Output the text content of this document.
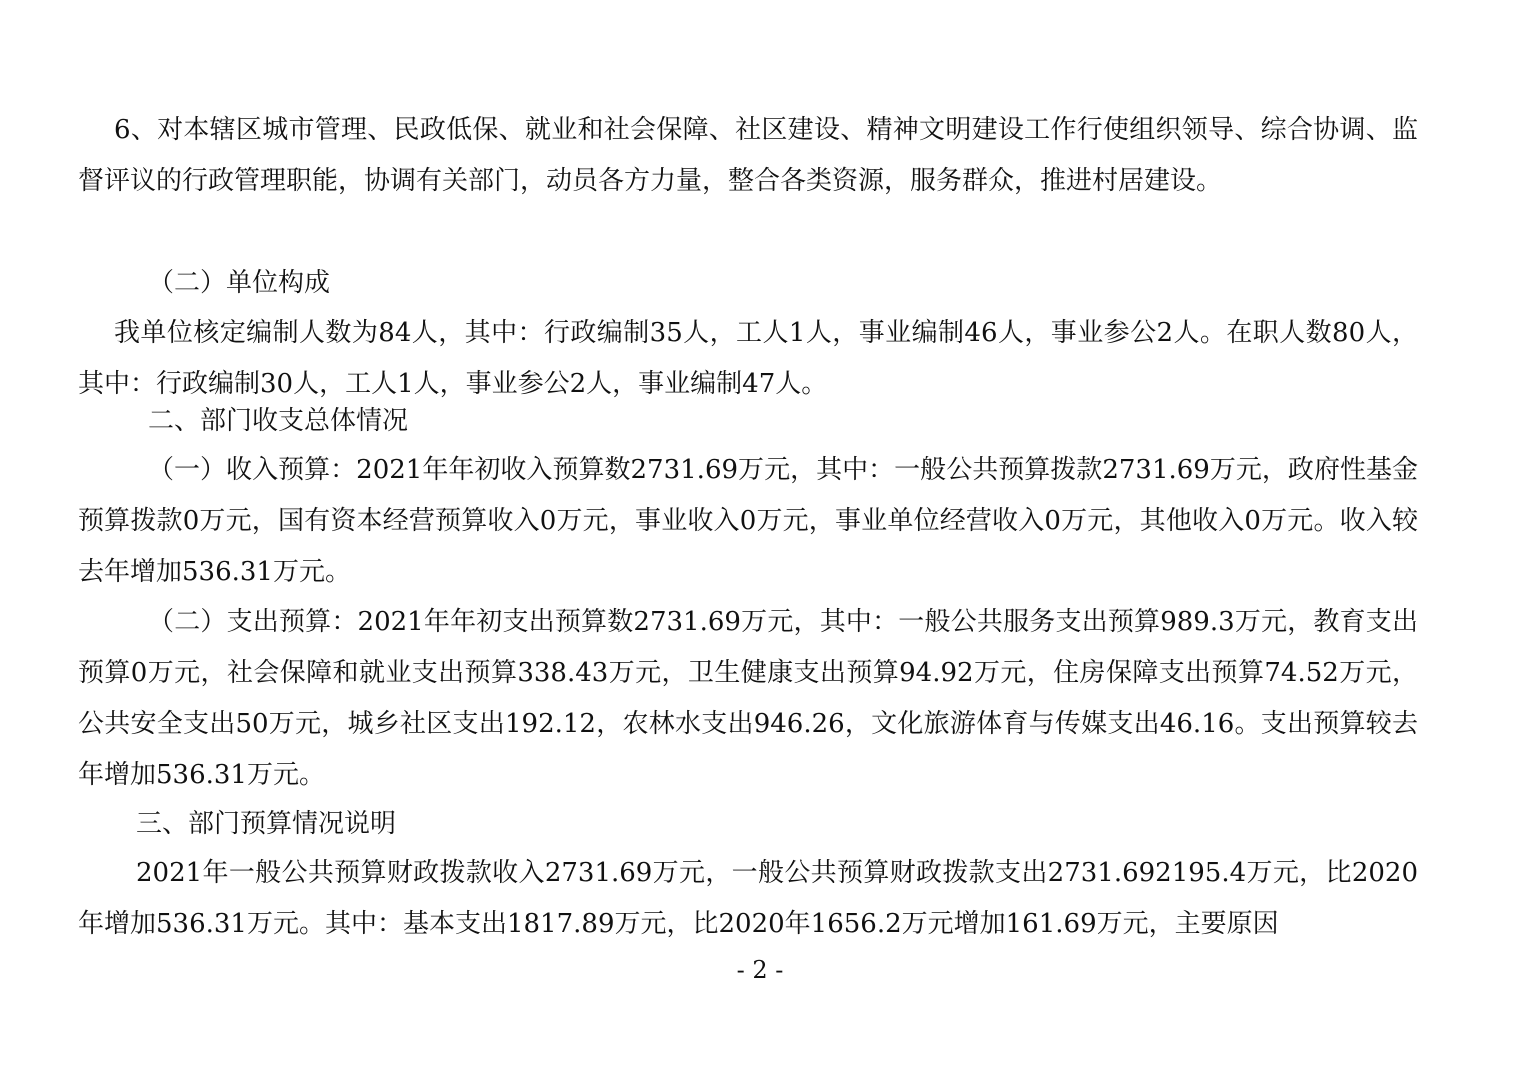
6、对本辖区城市管理、民政低保、就业和社会保障、社区建设、精神文明建设工作行使组织领导、综合协调、监督评议的行政管理职能，协调有关部门，动员各方力量，整合各类资源，服务群众，推进村居建设。

（二）单位构成

我单位核定编制人数为84人，其中：行政编制35人，工人1人，事业编制46人，事业参公2人。在职人数80人，其中：行政编制30人，工人1人，事业参公2人，事业编制47人。

二、部门收支总体情况

（一）收入预算：2021年年初收入预算数2731.69万元，其中：一般公共预算拨款2731.69万元，政府性基金预算拨款0万元，国有资本经营预算收入0万元，事业收入0万元，事业单位经营收入0万元，其他收入0万元。收入较去年增加536.31万元。

（二）支出预算：2021年年初支出预算数2731.69万元，其中：一般公共服务支出预算989.3万元，教育支出预算0万元，社会保障和就业支出预算338.43万元，卫生健康支出预算94.92万元，住房保障支出预算74.52万元，公共安全支出50万元，城乡社区支出192.12，农林水支出946.26，文化旅游体育与传媒支出46.16。支出预算较去年增加536.31万元。

三、部门预算情况说明

2021年一般公共预算财政拨款收入2731.69万元，一般公共预算财政拨款支出2731.692195.4万元，比2020年增加536.31万元。其中：基本支出1817.89万元，比2020年1656.2万元增加161.69万元，主要原因

- 2 -
